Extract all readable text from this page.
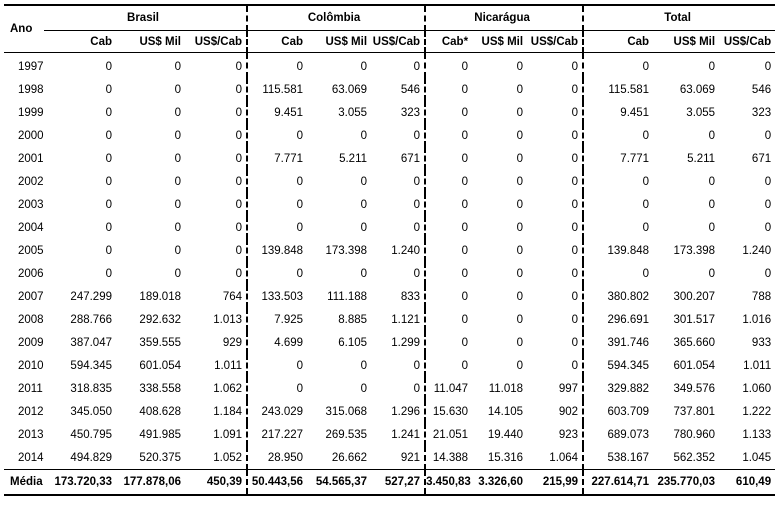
Ano	Brasil			Colômbia			Nicarágua			Total		
	Cab	US$ Mil	US$/Cab	Cab	US$ Mil	US$/Cab	Cab*	US$ Mil	US$/Cab	Cab	US$ Mil	US$/Cab
1997	0	0	0	0	0	0	0	0	0	0	0	0
1998	0	0	0	115.581	63.069	546	0	0	0	115.581	63.069	546
1999	0	0	0	9.451	3.055	323	0	0	0	9.451	3.055	323
2000	0	0	0	0	0	0	0	0	0	0	0	0
2001	0	0	0	7.771	5.211	671	0	0	0	7.771	5.211	671
2002	0	0	0	0	0	0	0	0	0	0	0	0
2003	0	0	0	0	0	0	0	0	0	0	0	0
2004	0	0	0	0	0	0	0	0	0	0	0	0
2005	0	0	0	139.848	173.398	1.240	0	0	0	139.848	173.398	1.240
2006	0	0	0	0	0	0	0	0	0	0	0	0
2007	247.299	189.018	764	133.503	111.188	833	0	0	0	380.802	300.207	788
2008	288.766	292.632	1.013	7.925	8.885	1.121	0	0	0	296.691	301.517	1.016
2009	387.047	359.555	929	4.699	6.105	1.299	0	0	0	391.746	365.660	933
2010	594.345	601.054	1.011	0	0	0	0	0	0	594.345	601.054	1.011
2011	318.835	338.558	1.062	0	0	0	11.047	11.018	997	329.882	349.576	1.060
2012	345.050	408.628	1.184	243.029	315.068	1.296	15.630	14.105	902	603.709	737.801	1.222
2013	450.795	491.985	1.091	217.227	269.535	1.241	21.051	19.440	923	689.073	780.960	1.133
2014	494.829	520.375	1.052	28.950	26.662	921	14.388	15.316	1.064	538.167	562.352	1.045
Média	173.720,33	177.878,06	450,39	50.443,56	54.565,37	527,27	3.450,83	3.326,60	215,99	227.614,71	235.770,03	610,49
